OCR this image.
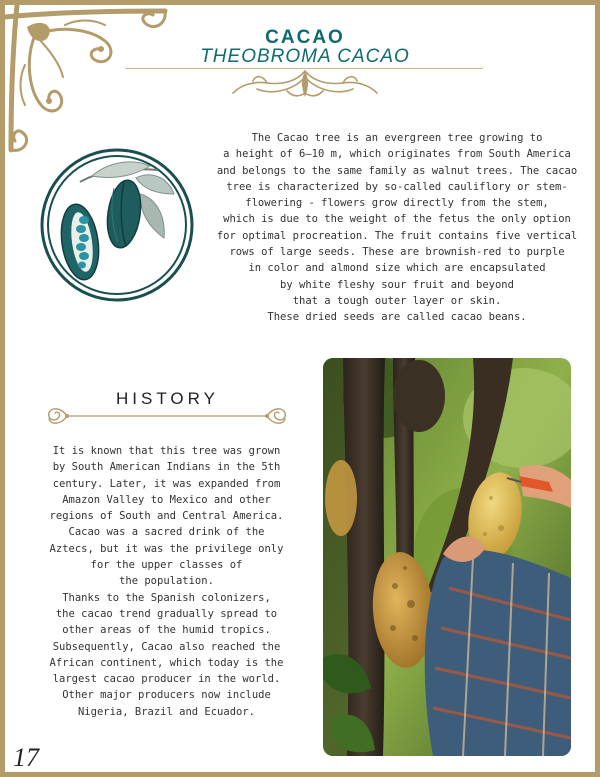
CACAO
THEOBROMA CACAO
The Cacao tree is an evergreen tree growing to
a height of 6–10 m, which originates from South America
and belongs to the same family as walnut trees. The cacao
tree is characterized by so-called cauliflory or stem-
flowering - flowers grow directly from the stem,
which is due to the weight of the fetus the only option
for optimal procreation. The fruit contains five vertical
rows of large seeds. These are brownish-red to purple
in color and almond size which are encapsulated
by white fleshy sour fruit and beyond
that a tough outer layer or skin.
These dried seeds are called cacao beans.
HISTORY
It is known that this tree was grown
by South American Indians in the 5th
century. Later, it was expanded from
Amazon Valley to Mexico and other
regions of South and Central America.
Cacao was a sacred drink of the
Aztecs, but it was the privilege only
for the upper classes of
the population.
Thanks to the Spanish colonizers,
the cacao trend gradually spread to
other areas of the humid tropics.
Subsequently, Cacao also reached the
African continent, which today is the
largest cacao producer in the world.
Other major producers now include
Nigeria, Brazil and Ecuador.
17
